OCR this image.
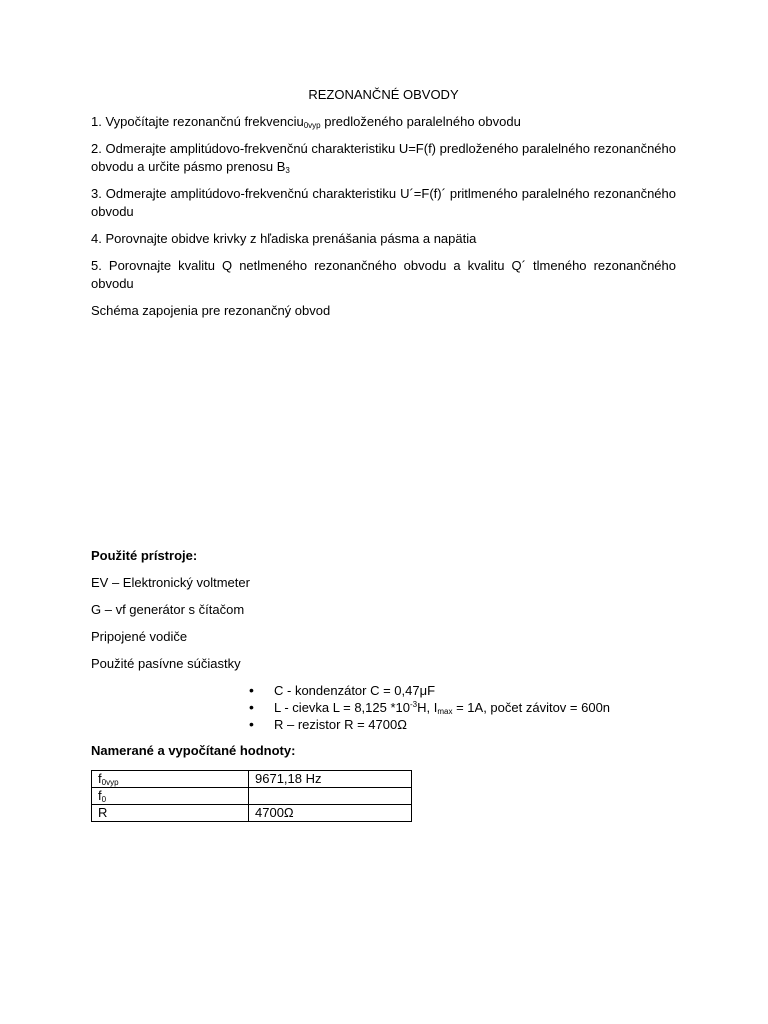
REZONANČNÉ OBVODY
1. Vypočítajte rezonančnú frekvenciu$_{0vyp}$ predloženého paralelného obvodu
2. Odmerajte amplitúdovo-frekvenčnú charakteristiku U=F(f) predloženého paralelného rezonančného obvodu a určite pásmo prenosu $B_3$
3. Odmerajte amplitúdovo-frekvenčnú charakteristiku U´=F(f)´ pritlmeného paralelného rezonančného obvodu
4. Porovnajte obidve krivky z hľadiska prenášania pásma a napätia
5. Porovnajte kvalitu Q netlmeného rezonančného obvodu a kvalitu Q´ tlmeného rezonančného obvodu
Schéma zapojenia pre rezonančný obvod
Použité prístroje:
EV – Elektronický voltmeter
G – vf generátor s čítačom
Pripojené vodiče
Použité pasívne súčiastky
• C - kondenzátor C = 0,47μF
• L - cievka L = 8,125 $*10^{-3}H$, $I_{max} = 1A$, počet závitov = 600n
• R – rezistor R = 4700Ω
Namerané a vypočítané hodnoty:
$f_{0vyp}$	9671,18 Hz
$f_0$	
R	4700Ω
